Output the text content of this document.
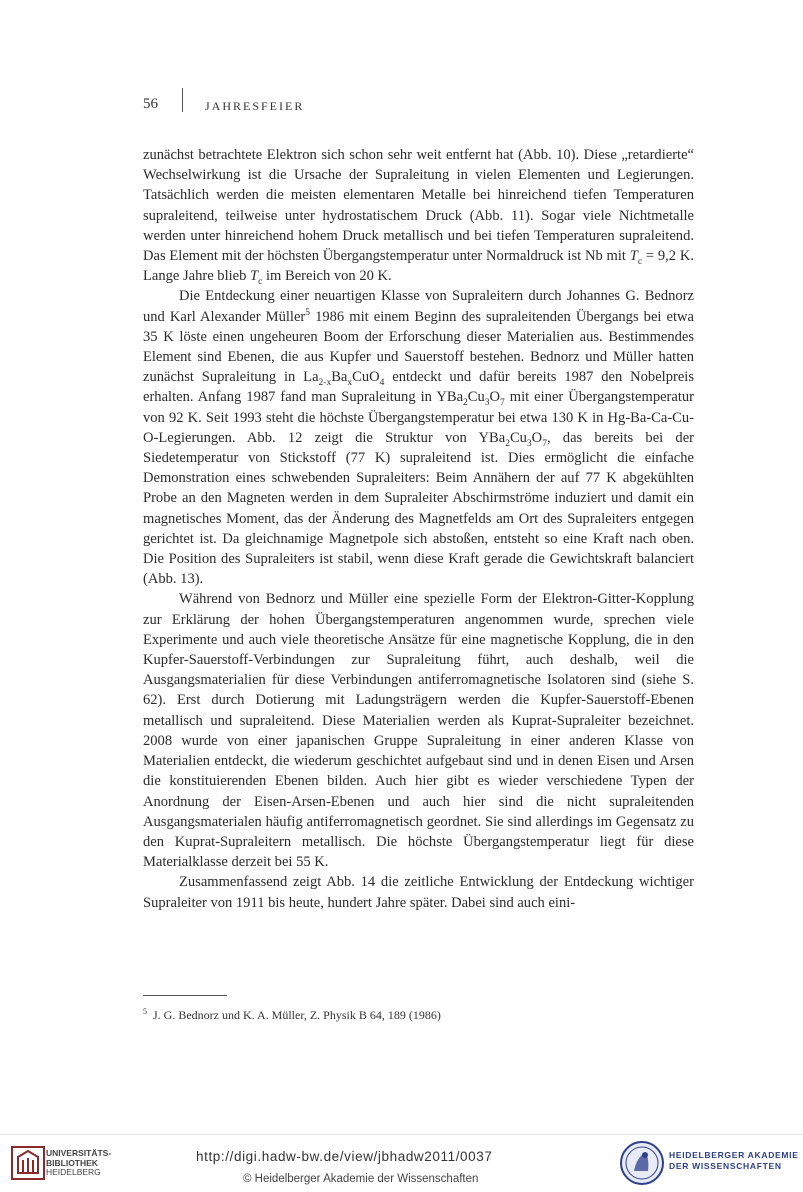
56	JAHRESFEIER

zunächst betrachtete Elektron sich schon sehr weit entfernt hat (Abb. 10). Diese „retardierte“ Wechselwirkung ist die Ursache der Supraleitung in vielen Elementen und Legierungen. Tatsächlich werden die meisten elementaren Metalle bei hinreichend tiefen Temperaturen supraleitend, teilweise unter hydrostatischem Druck (Abb. 11). Sogar viele Nichtmetalle werden unter hinreichend hohem Druck metallisch und bei tiefen Temperaturen supraleitend. Das Element mit der höchsten Übergangstemperatur unter Normaldruck ist Nb mit $T_c = 9,2$ K. Lange Jahre blieb $T_c$ im Bereich von 20 K.

Die Entdeckung einer neuartigen Klasse von Supraleitern durch Johannes G. Bednorz und Karl Alexander Müller$^5$ 1986 mit einem Beginn des supraleitenden Übergangs bei etwa 35 K löste einen ungeheuren Boom der Erforschung dieser Materialien aus. Bestimmendes Element sind Ebenen, die aus Kupfer und Sauerstoff bestehen. Bednorz und Müller hatten zunächst Supraleitung in $La_{2-x}Ba_xCuO_4$ entdeckt und dafür bereits 1987 den Nobelpreis erhalten. Anfang 1987 fand man Supraleitung in $YBa_2Cu_3O_7$ mit einer Übergangstemperatur von 92 K. Seit 1993 steht die höchste Übergangstemperatur bei etwa 130 K in Hg-Ba-Ca-Cu-O-Legierungen. Abb. 12 zeigt die Struktur von $YBa_2Cu_3O_7$, das bereits bei der Siedetemperatur von Stickstoff (77 K) supraleitend ist. Dies ermöglicht die einfache Demonstration eines schwebenden Supraleiters: Beim Annähern der auf 77 K abgekühlten Probe an den Magneten werden in dem Supraleiter Abschirmströme induziert und damit ein magnetisches Moment, das der Änderung des Magnetfelds am Ort des Supraleiters entgegen gerichtet ist. Da gleichnamige Magnetpole sich abstoßen, entsteht so eine Kraft nach oben. Die Position des Supraleiters ist stabil, wenn diese Kraft gerade die Gewichtskraft balanciert (Abb. 13).

Während von Bednorz und Müller eine spezielle Form der Elektron-Gitter-Kopplung zur Erklärung der hohen Übergangstemperaturen angenommen wurde, sprechen viele Experimente und auch viele theoretische Ansätze für eine magnetische Kopplung, die in den Kupfer-Sauerstoff-Verbindungen zur Supraleitung führt, auch deshalb, weil die Ausgangsmaterialien für diese Verbindungen antiferromagnetische Isolatoren sind (siehe S. 62). Erst durch Dotierung mit Ladungsträgern werden die Kupfer-Sauerstoff-Ebenen metallisch und supraleitend. Diese Materialien werden als Kuprat-Supraleiter bezeichnet. 2008 wurde von einer japanischen Gruppe Supraleitung in einer anderen Klasse von Materialien entdeckt, die wiederum geschichtet aufgebaut sind und in denen Eisen und Arsen die konstituierenden Ebenen bilden. Auch hier gibt es wieder verschiedene Typen der Anordnung der Eisen-Arsen-Ebenen und auch hier sind die nicht supraleitenden Ausgangsmaterialen häufig antiferromagnetisch geordnet. Sie sind allerdings im Gegensatz zu den Kuprat-Supraleitern metallisch. Die höchste Übergangstemperatur liegt für diese Materialklasse derzeit bei 55 K.

Zusammenfassend zeigt Abb. 14 die zeitliche Entwicklung der Entdeckung wichtiger Supraleiter von 1911 bis heute, hundert Jahre später. Dabei sind auch eini-

$^5$ J. G. Bednorz und K. A. Müller, Z. Physik B 64, 189 (1986)
UNIVERSITÄTS-
BIBLIOTHEK
HEIDELBERG
http://digi.hadw-bw.de/view/jbhadw2011/0037
© Heidelberger Akademie der Wissenschaften
HEIDELBERGER AKADEMIE
DER WISSENSCHAFTEN
